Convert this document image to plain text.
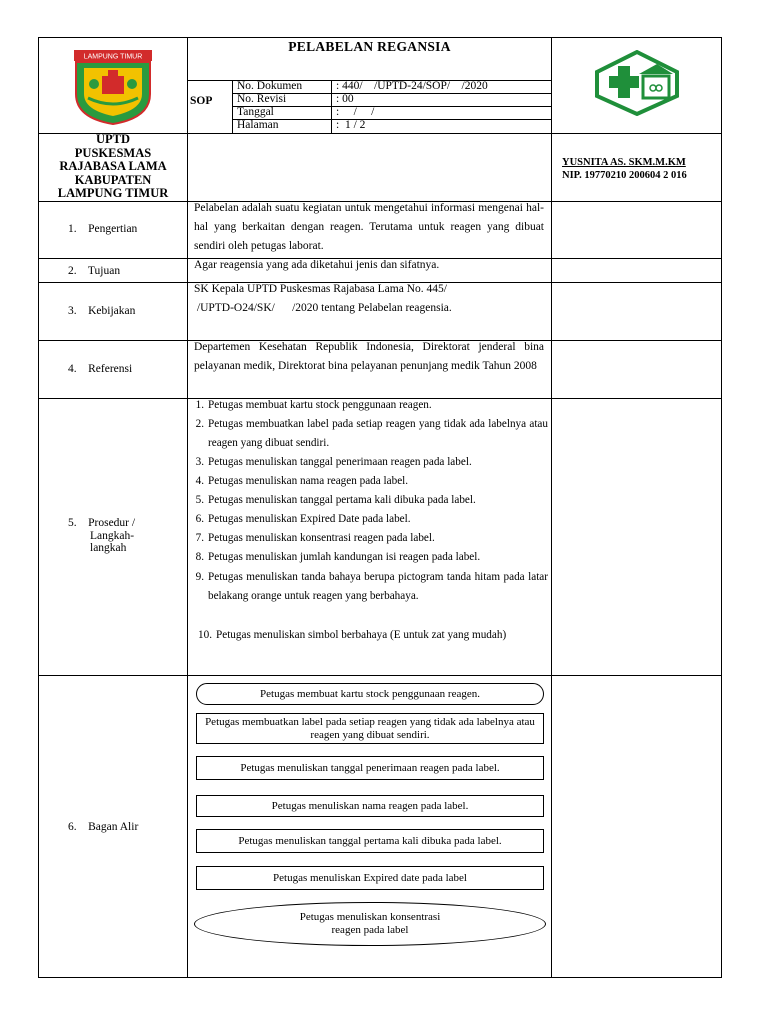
LAMPUNG TIMUR
PELABELAN REGANSIA
SOP
No. Dokumen	: 440/    /UPTD-24/SOP/    /2020
No. Revisi	: 00
Tanggal	:     /     /
Halaman	:  1 / 2
UPTD
PUSKESMAS
RAJABASA LAMA
KABUPATEN
LAMPUNG TIMUR
YUSNITA AS. SKM.M.KM
NIP. 19770210 200604 2 016
1.    Pengertian
Pelabelan adalah suatu kegiatan untuk mengetahui informasi mengenai hal-hal yang berkaitan dengan reagen. Terutama untuk reagen yang dibuat sendiri oleh petugas laborat.
2.    Tujuan	Agar reagensia yang ada diketahui jenis dan sifatnya.
3.    Kebijakan
SK Kepala UPTD Puskesmas Rajabasa Lama No. 445/
/UPTD-O24/SK/      /2020 tentang Pelabelan reagensia.
4.    Referensi
Departemen Kesehatan Republik Indonesia, Direktorat jenderal bina pelayanan medik, Direktorat bina pelayanan penunjang medik Tahun 2008
5.    Prosedur /
Langkah-
langkah
1. Petugas membuat kartu stock penggunaan reagen.
2. Petugas membuatkan label pada setiap reagen yang tidak ada labelnya atau reagen yang dibuat sendiri.
3. Petugas menuliskan tanggal penerimaan reagen pada label.
4. Petugas menuliskan nama reagen pada label.
5. Petugas menuliskan tanggal pertama kali dibuka pada label.
6. Petugas menuliskan Expired Date pada label.
7. Petugas menuliskan konsentrasi reagen pada label.
8. Petugas menuliskan jumlah kandungan isi reagen pada label.
9. Petugas menuliskan tanda bahaya berupa pictogram tanda hitam pada latar belakang orange untuk reagen yang berbahaya.
10. Petugas menuliskan simbol berbahaya (E untuk zat yang mudah)
6.    Bagan Alir
Petugas membuat kartu stock penggunaan reagen.
Petugas membuatkan label pada setiap reagen yang tidak ada labelnya atau reagen yang dibuat sendiri.
Petugas menuliskan tanggal penerimaan reagen pada label.
Petugas menuliskan nama reagen pada label.
Petugas menuliskan tanggal pertama kali dibuka pada label.
Petugas menuliskan Expired date pada label
Petugas menuliskan konsentrasi reagen pada label
